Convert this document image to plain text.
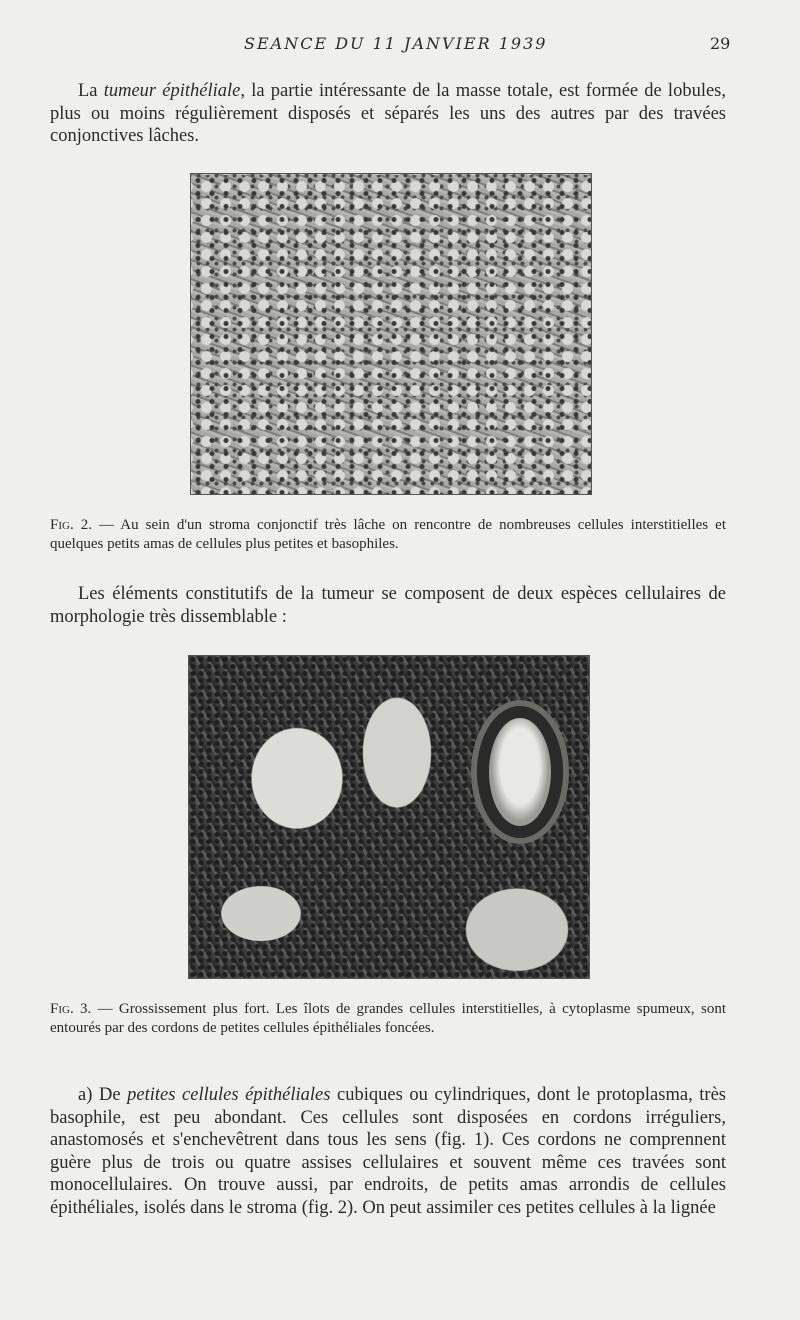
SEANCE DU 11 JANVIER 1939	29

La tumeur épithéliale, la partie intéressante de la masse totale, est formée de lobules, plus ou moins régulièrement disposés et séparés les uns des autres par des travées conjonctives lâches.

Fig. 2. — Au sein d'un stroma conjonctif très lâche on rencontre de nombreuses cellules interstitielles et quelques petits amas de cellules plus petites et basophiles.

Les éléments constitutifs de la tumeur se composent de deux espèces cellulaires de morphologie très dissemblable :

Fig. 3. — Grossissement plus fort. Les îlots de grandes cellules interstitielles, à cytoplasme spumeux, sont entourés par des cordons de petites cellules épithéliales foncées.

a) De petites cellules épithéliales cubiques ou cylindriques, dont le protoplasma, très basophile, est peu abondant. Ces cellules sont disposées en cordons irréguliers, anastomosés et s'enchevêtrent dans tous les sens (fig. 1). Ces cordons ne comprennent guère plus de trois ou quatre assises cellulaires et souvent même ces travées sont monocellulaires. On trouve aussi, par endroits, de petits amas arrondis de cellules épithéliales, isolés dans le stroma (fig. 2). On peut assimiler ces petites cellules à la lignée
